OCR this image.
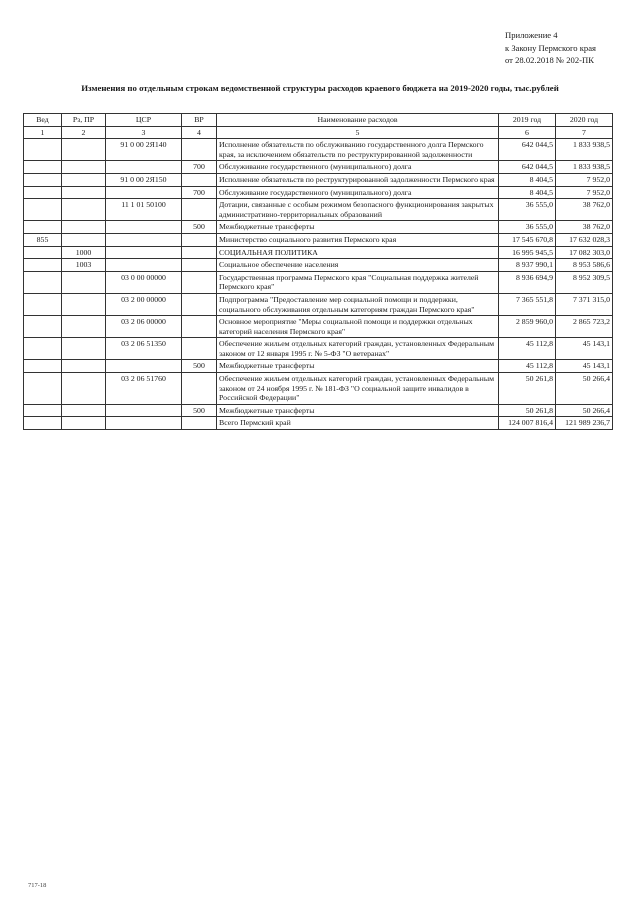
Приложение 4
к Закону Пермского края
от 28.02.2018 № 202-ПК
Изменения по отдельным строкам ведомственной структуры расходов краевого бюджета на 2019-2020 годы, тыс.рублей
Вед	Рз, ПР	ЦСР	ВР	Наименование расходов	2019 год	2020 год
1	2	3	4	5	6	7
		91 0 00 2Я140		Исполнение обязательств по обслуживанию государственного долга Пермского края, за исключением обязательств по реструктурированной задолженности	642 044,5	1 833 938,5
			700	Обслуживание государственного (муниципального) долга	642 044,5	1 833 938,5
		91 0 00 2Я150		Исполнение обязательств по реструктурированной задолженности Пермского края	8 404,5	7 952,0
			700	Обслуживание государственного (муниципального) долга	8 404,5	7 952,0
		11 1 01 50100		Дотации, связанные с особым режимом безопасного функционирования закрытых административно-территориальных образований	36 555,0	38 762,0
			500	Межбюджетные трансферты	36 555,0	38 762,0
855				Министерство социального развития Пермского края	17 545 670,8	17 632 028,3
	1000			СОЦИАЛЬНАЯ ПОЛИТИКА	16 995 945,5	17 082 303,0
	1003			Социальное обеспечение населения	8 937 990,1	8 953 586,6
		03 0 00 00000		Государственная программа Пермского края "Социальная поддержка жителей Пермского края"	8 936 694,9	8 952 309,5
		03 2 00 00000		Подпрограмма "Предоставление мер социальной помощи и поддержки, социального обслуживания отдельным категориям граждан Пермского края"	7 365 551,8	7 371 315,0
		03 2 06 00000		Основное мероприятие "Меры социальной помощи и поддержки отдельных категорий населения Пермского края"	2 859 960,0	2 865 723,2
		03 2 06 51350		Обеспечение жильем отдельных категорий граждан, установленных Федеральным законом от 12 января 1995 г. № 5-ФЗ "О ветеранах"	45 112,8	45 143,1
			500	Межбюджетные трансферты	45 112,8	45 143,1
		03 2 06 51760		Обеспечение жильем отдельных категорий граждан, установленных Федеральным законом от 24 ноября 1995 г. № 181-ФЗ "О социальной защите инвалидов в Российской Федерации"	50 261,8	50 266,4
			500	Межбюджетные трансферты	50 261,8	50 266,4
				Всего Пермский край	124 007 816,4	121 989 236,7
717-18
